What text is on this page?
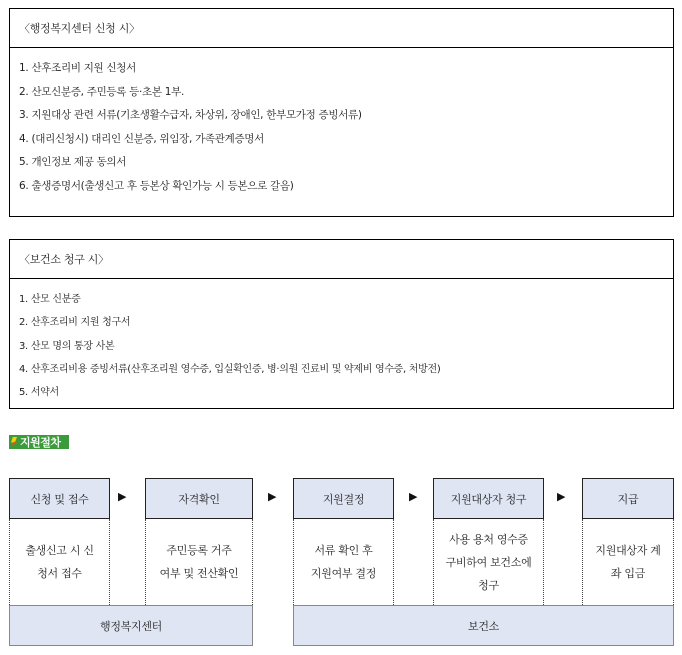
〈행정복지센터 신청 시〉
1. 산후조리비 지원 신청서
2. 산모신분증, 주민등록 등·초본 1부.
3. 지원대상 관련 서류(기초생활수급자, 차상위, 장애인, 한부모가정 증빙서류)
4. (대리신청시) 대리인 신분증, 위임장, 가족관계증명서
5. 개인정보 제공 동의서
6. 출생증명서(출생신고 후 등본상 확인가능 시 등본으로 갈음)
〈보건소 청구 시〉
1. 산모 신분증
2. 산후조리비 지원 청구서
3. 산모 명의 통장 사본
4. 산후조리비용 증빙서류(산후조리원 영수증, 입실확인증, 병·의원 진료비 및 약제비 영수증, 처방전)
5. 서약서
지원절차
신청 및 접수
출생신고 시 신
청서 접수
▶	자격확인
주민등록 거주
여부 및 전산확인
▶	지원결정
서류 확인 후
지원여부 결정
▶	지원대상자 청구
사용 용처 영수증
구비하여 보건소에
청구
▶	지급
지원대상자 계
좌 입금
행정복지센터	보건소
